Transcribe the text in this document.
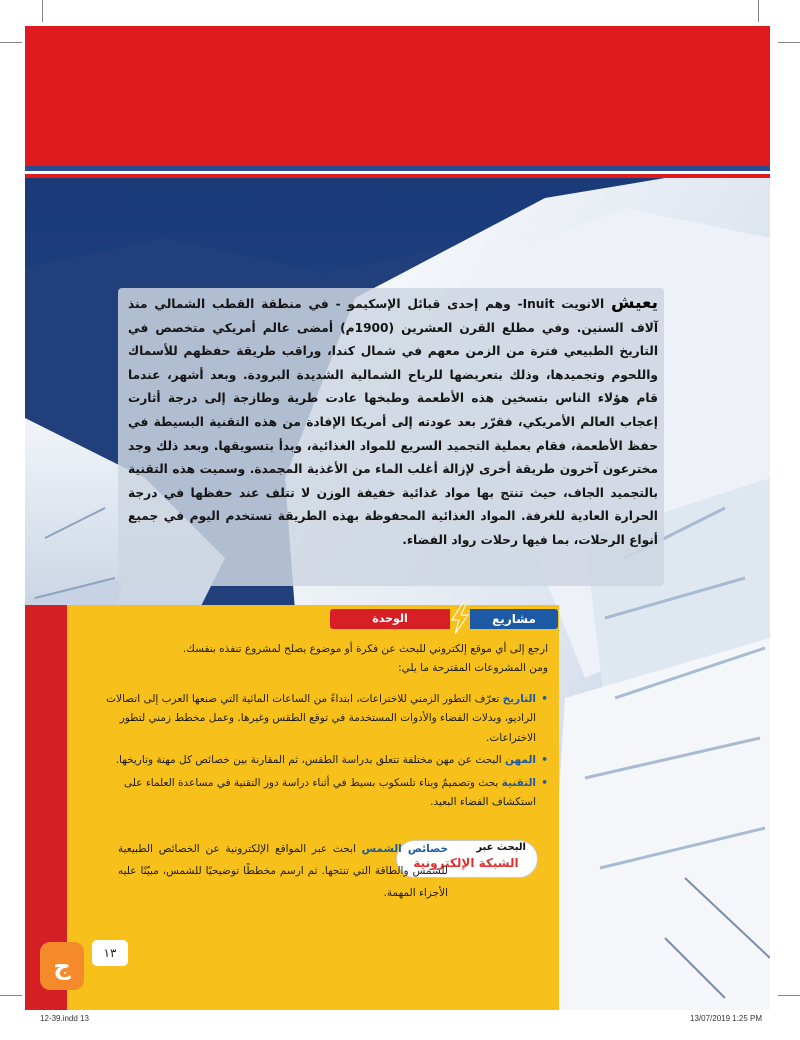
يعيش الانويت Inuit- وهم إحدى قبائل الإسكيمو - في منطقة القطب الشمالي منذ آلاف السنين. وفي مطلع القرن العشرين (1900م) أمضى عالم أمريكي متخصص في التاريخ الطبيعي فترة من الزمن معهم في شمال كندا، وراقب طريقة حفظهم للأسماك واللحوم وتجميدها، وذلك بتعريضها للرياح الشمالية الشديدة البرودة. وبعد أشهر، عندما قام هؤلاء الناس بتسخين هذه الأطعمة وطبخها عادت طرية وطازجة إلى درجة أثارت إعجاب العالم الأمريكي، فقرّر بعد عودته إلى أمريكا الإفادة من هذه التقنية البسيطة في حفظ الأطعمة، فقام بعملية التجميد السريع للمواد الغذائية، وبدأ بتسويقها. وبعد ذلك وجد مخترعون آخرون طريقة أخرى لإزالة أغلب الماء من الأغذية المجمدة. وسميت هذه التقنية بالتجميد الجاف، حيث تنتج بها مواد غذائية خفيفة الوزن لا تتلف عند حفظها في درجة الحرارة العادية للغرفة. المواد الغذائية المحفوظة بهذه الطريقة تستخدم اليوم في جميع أنواع الرحلات، بما فيها رحلات رواد الفضاء.

الوحدة	مشاريع

ارجع إلى أي موقع إلكتروني للبحث عن فكرة أو موضوع يصلح لمشروع تنفذه بنفسك.
ومن المشروعات المقترحة ما يلي:

• التاريخ تعرّف التطور الزمني للاختراعات، ابتداءً من الساعات المائية التي صنعها العرب إلى اتصالات الراديو، وبدلات الفضاء والأدوات المستخدمة في توقع الطقس وغيرها. وعمل مخطط زمني لتطور الاختراعات.
• المهن البحث عن مهن مختلفة تتعلق بدراسة الطقس، ثم المقارنة بين خصائص كل مهنة وتاريخها.
• التقنية بحث وتصميمُ وبناء تلسكوب بسيط في أثناء دراسة دور التقنية في مساعدة العلماء على استكشاف الفضاء البعيد.
البحث عبر
الشبكة الإلكترونية

خصائص الشمس ابحث عبر المواقع الإلكترونية عن الخصائص الطبيعية للشمس والطاقة التي تنتجها. ثم ارسم مخططًا توضيحيًا للشمس، مبيّنًا عليه الأجزاء المهمة.

ج	١٣
12-39.indd 13	13/07/2019 1:25 PM
